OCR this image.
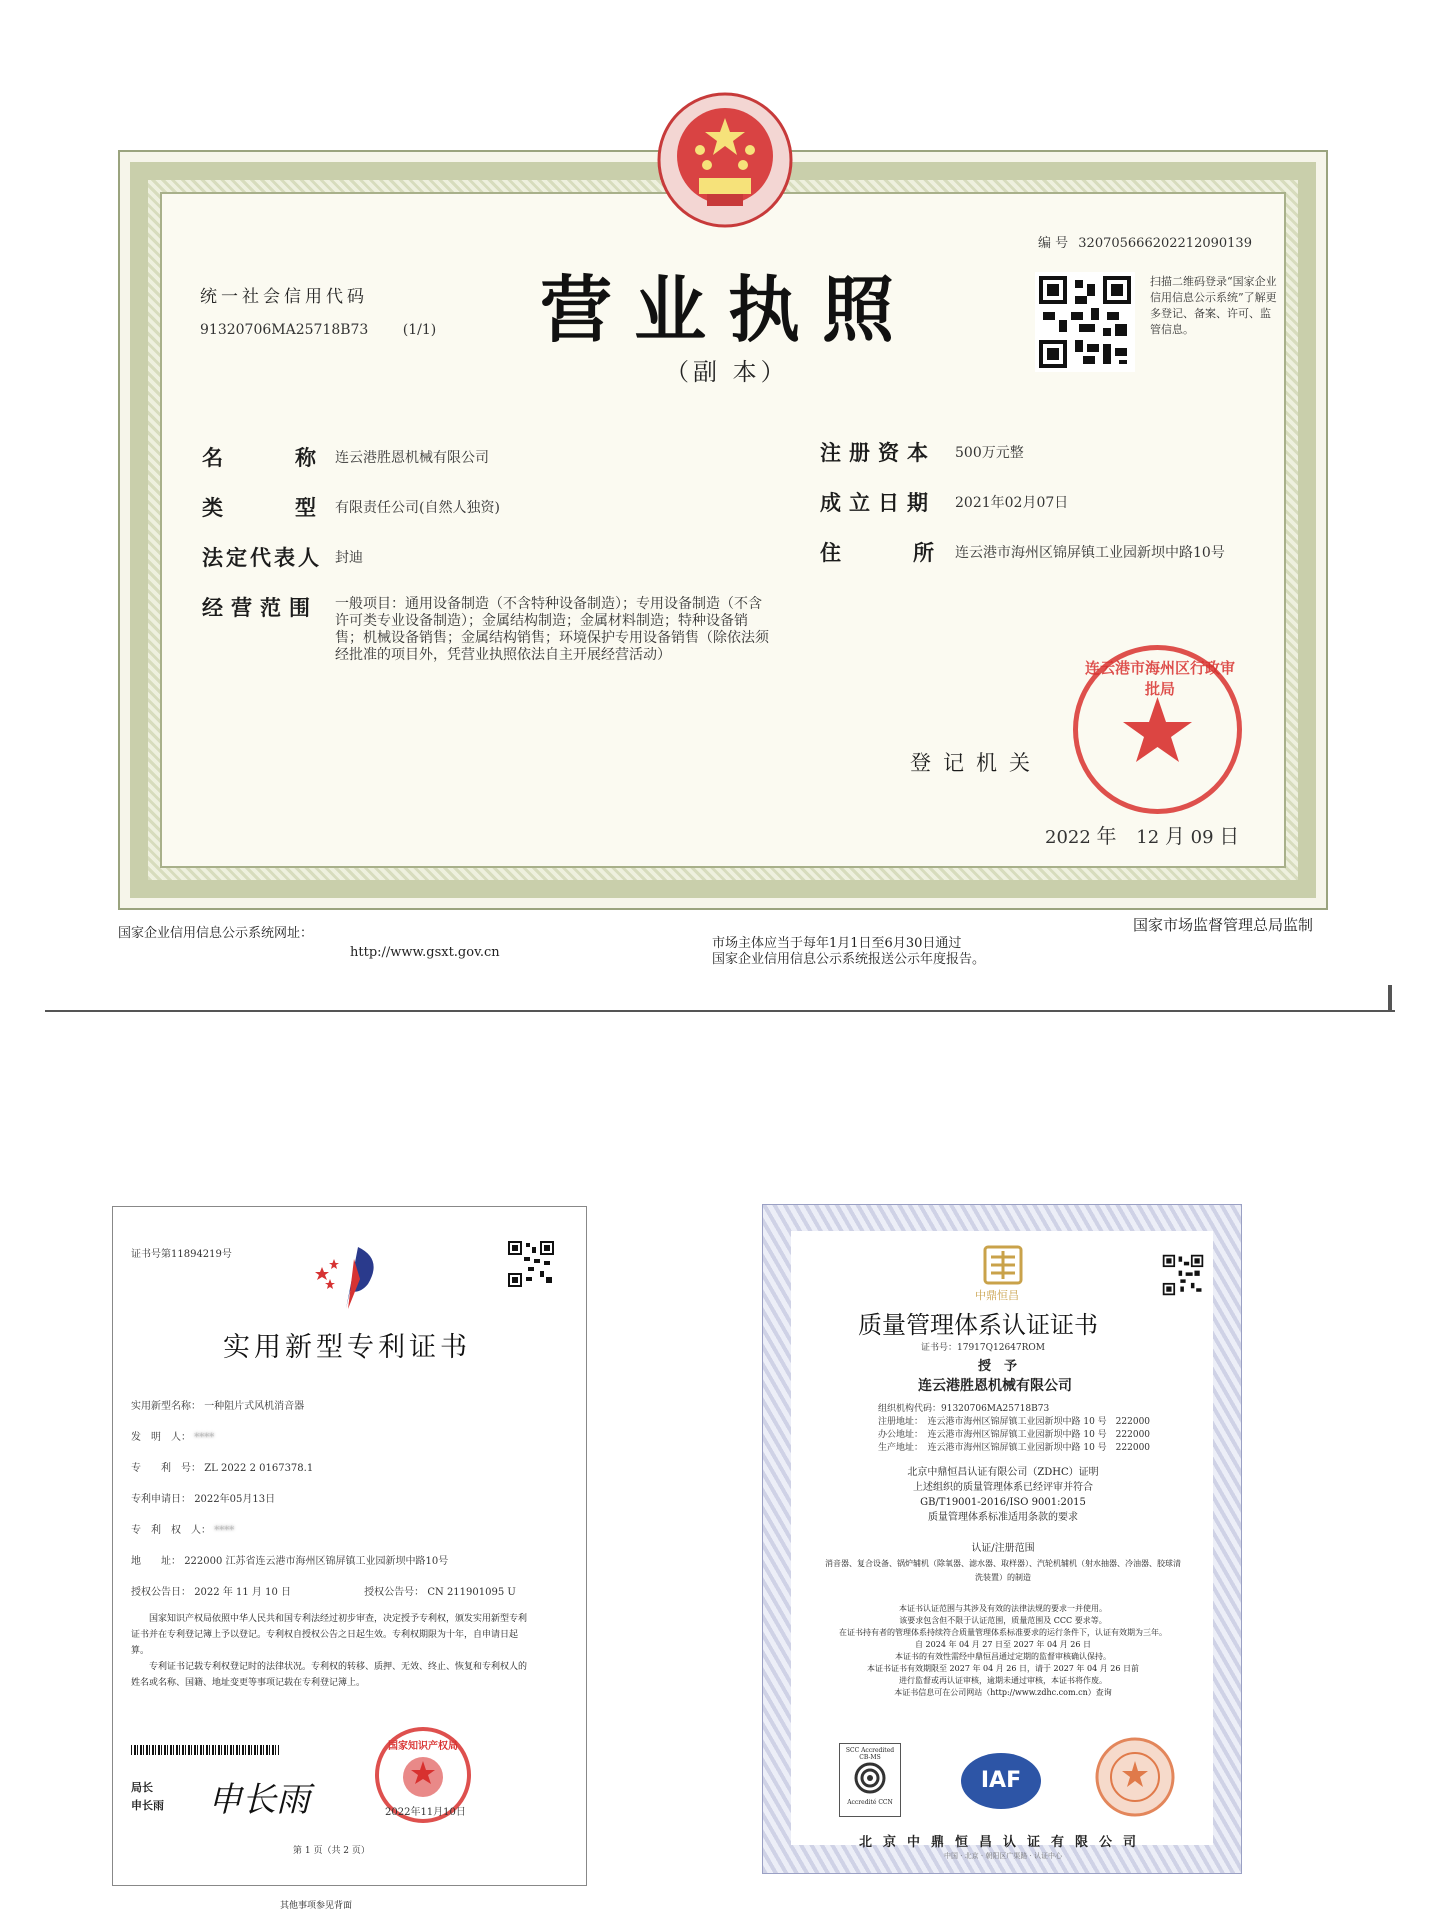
编 号 320705666202212090139
统一社会信用代码
91320706MA25718B73 (1/1) 营业执照
（副 本）
扫描二维码登录“国家企业信用信息公示系统”了解更多登记、备案、许可、监管信息。
名　　称 连云港胜恩机械有限公司
类　　型 有限责任公司(自然人独资)
法定代表人 封迪
经营范围 一般项目：通用设备制造（不含特种设备制造）；专用设备制造（不含许可类专业设备制造）；金属结构制造；金属材料制造；特种设备销售；机械设备销售；金属结构销售；环境保护专用设备销售（除依法须经批准的项目外，凭营业执照依法自主开展经营活动）
注册资本 500万元整
成立日期 2021年02月07日
住　　所 连云港市海州区锦屏镇工业园新坝中路10号
登记机关
连云港市海州区行政审批局
2022 年 12 月 09 日
国家企业信用信息公示系统网址：
http://www.gsxt.gov.cn
市场主体应当于每年1月1日至6月30日通过
国家企业信用信息公示系统报送公示年度报告。
国家市场监督管理总局监制
证书号第11894219号
实用新型专利证书
实用新型名称： 一种阻片式风机消音器
发　明　人： ****
专　　利　号： ZL 2022 2 0167378.1
专利申请日： 2022年05月13日
专　利　权　人： ****
地　　址： 222000 江苏省连云港市海州区锦屏镇工业园新坝中路10号
授权公告日： 2022 年 11 月 10 日	授权公告号： CN 211901095 U
国家知识产权局依照中华人民共和国专利法经过初步审查，决定授予专利权，颁发实用新型专利证书并在专利登记簿上予以登记。专利权自授权公告之日起生效。专利权期限为十年，自申请日起算。
专利证书记载专利权登记时的法律状况。专利权的转移、质押、无效、终止、恢复和专利权人的姓名或名称、国籍、地址变更等事项记载在专利登记簿上。
局长
申长雨 申长雨
国家知识产权局
2022年11月10日
第 1 页（共 2 页）
其他事项参见背面
中鼎恒昌
质量管理体系认证证书
证书号：17917Q12647ROM
授　予
连云港胜恩机械有限公司
组织机构代码：91320706MA25718B73
注册地址：　连云港市海州区锦屏镇工业园新坝中路 10 号　222000
办公地址：　连云港市海州区锦屏镇工业园新坝中路 10 号　222000
生产地址：　连云港市海州区锦屏镇工业园新坝中路 10 号　222000
北京中鼎恒昌认证有限公司（ZDHC）证明
上述组织的质量管理体系已经评审并符合
GB/T19001-2016/ISO 9001:2015
质量管理体系标准适用条款的要求
认证/注册范围
消音器、复合设备、锅炉辅机（除氧器、滤水器、取样器）、汽轮机辅机（射水抽器、冷油器、胶球清洗装置）的制造
本证书认证范围与其涉及有效的法律法规的要求一并使用。
该要求包含但不限于认证范围，质量范围及 CCC 要求等。
在证书持有者的管理体系持续符合质量管理体系标准要求的运行条件下，认证有效期为三年。
自 2024 年 04 月 27 日至 2027 年 04 月 26 日
本证书的有效性需经中鼎恒昌通过定期的监督审核确认保持。
本证书证书有效期限至 2027 年 04 月 26 日，请于 2027 年 04 月 26 日前
进行监督或再认证审核，逾期未通过审核，本证书将作废。
本证书信息可在公司网站（http://www.zdhc.com.cn）查询
SCC Accredited
CB-MS
Accredité CCN
IAF
北京中鼎恒昌认证有限公司
中国 · 北京 · 朝阳区广渠路 · 认证中心
